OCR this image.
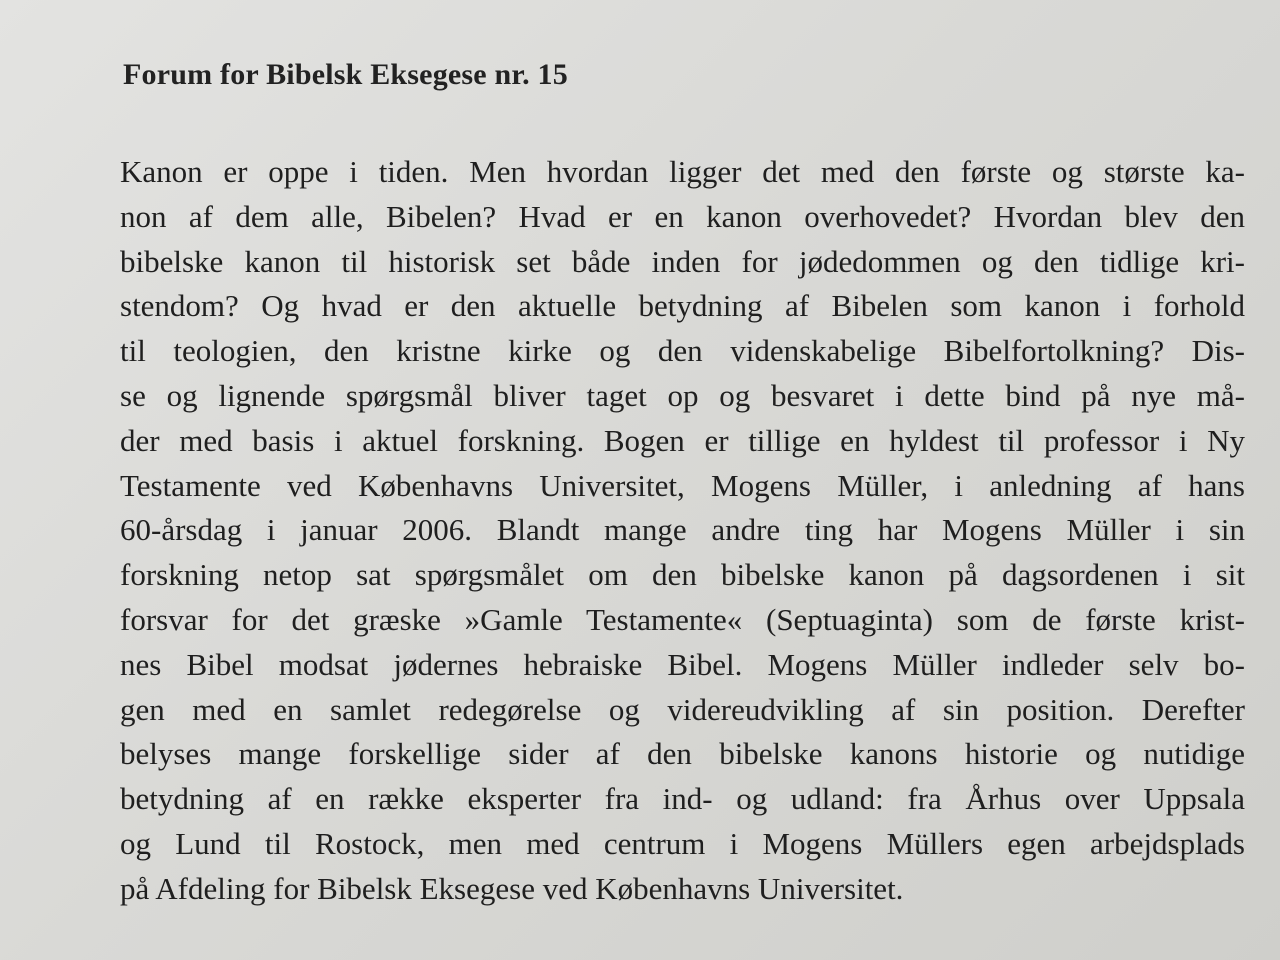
Forum for Bibelsk Eksegese nr. 15
Kanon er oppe i tiden. Men hvordan ligger det med den første og største ka-
non af dem alle, Bibelen? Hvad er en kanon overhovedet? Hvordan blev den
bibelske kanon til historisk set både inden for jødedommen og den tidlige kri-
stendom? Og hvad er den aktuelle betydning af Bibelen som kanon i forhold
til teologien, den kristne kirke og den videnskabelige Bibelfortolkning? Dis-
se og lignende spørgsmål bliver taget op og besvaret i dette bind på nye må-
der med basis i aktuel forskning. Bogen er tillige en hyldest til professor i Ny
Testamente ved Københavns Universitet, Mogens Müller, i anledning af hans
60-årsdag i januar 2006. Blandt mange andre ting har Mogens Müller i sin
forskning netop sat spørgsmålet om den bibelske kanon på dagsordenen i sit
forsvar for det græske »Gamle Testamente« (Septuaginta) som de første krist-
nes Bibel modsat jødernes hebraiske Bibel. Mogens Müller indleder selv bo-
gen med en samlet redegørelse og videreudvikling af sin position. Derefter
belyses mange forskellige sider af den bibelske kanons historie og nutidige
betydning af en række eksperter fra ind- og udland: fra Århus over Uppsala
og Lund til Rostock, men med centrum i Mogens Müllers egen arbejdsplads
på Afdeling for Bibelsk Eksegese ved Københavns Universitet.
